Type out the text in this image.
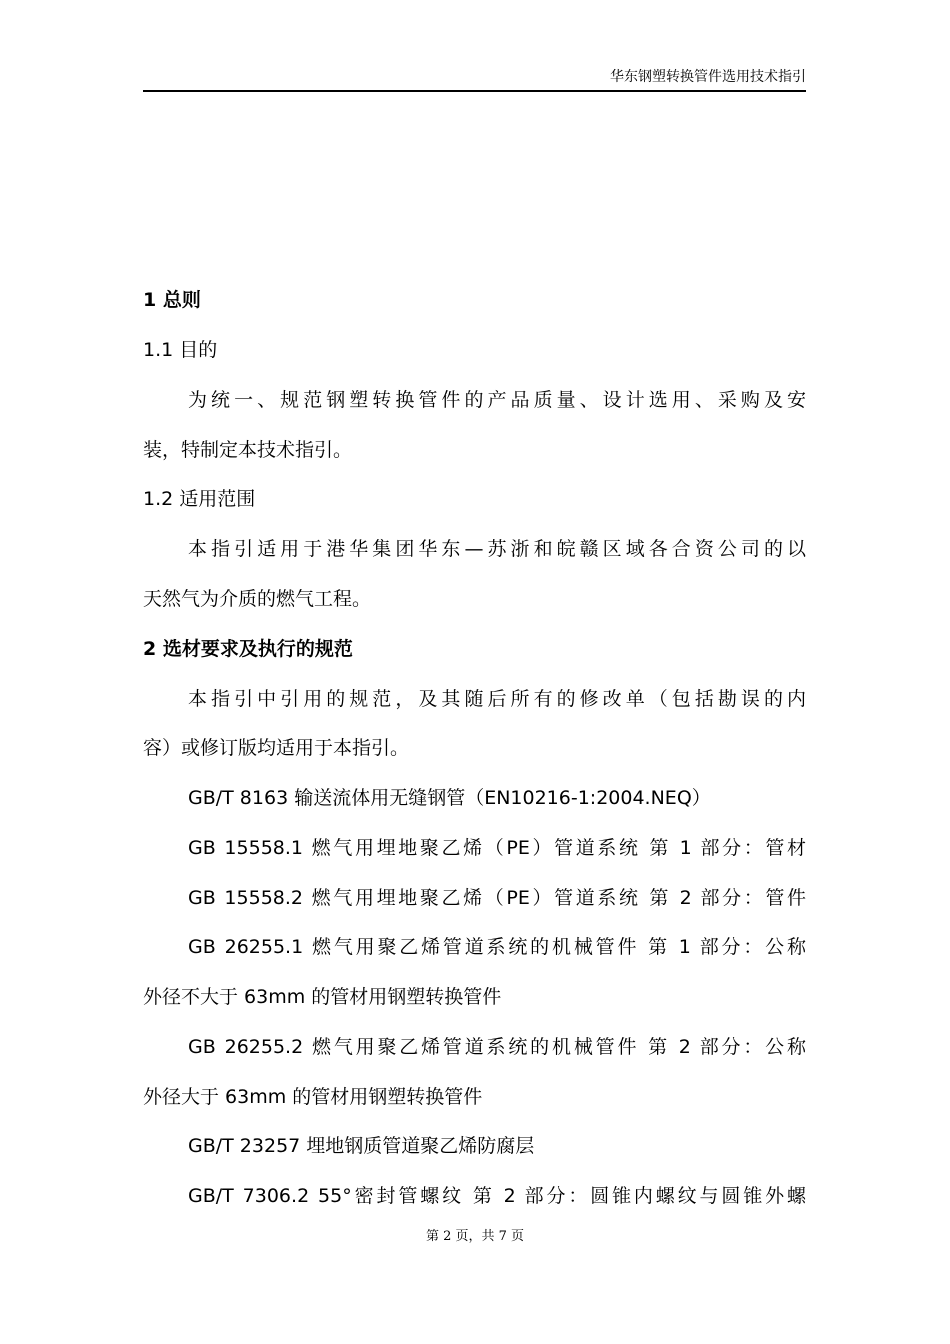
华东钢塑转换管件选用技术指引
1 总则
1.1 目的
为统一、规范钢塑转换管件的产品质量、设计选用、采购及安
装，特制定本技术指引。
1.2 适用范围
本指引适用于港华集团华东—苏浙和皖赣区域各合资公司的以
天然气为介质的燃气工程。
2 选材要求及执行的规范
本指引中引用的规范，及其随后所有的修改单（包括勘误的内
容）或修订版均适用于本指引。
GB/T 8163 输送流体用无缝钢管（EN10216-1:2004.NEQ）
GB 15558.1 燃气用埋地聚乙烯（PE）管道系统 第 1 部分：管材
GB 15558.2 燃气用埋地聚乙烯（PE）管道系统 第 2 部分：管件
GB 26255.1 燃气用聚乙烯管道系统的机械管件 第 1 部分：公称
外径不大于 63mm 的管材用钢塑转换管件
GB 26255.2 燃气用聚乙烯管道系统的机械管件 第 2 部分：公称
外径大于 63mm 的管材用钢塑转换管件
GB/T 23257 埋地钢质管道聚乙烯防腐层
GB/T 7306.2 55°密封管螺纹 第 2 部分：圆锥内螺纹与圆锥外螺
第 2 页，共 7 页
